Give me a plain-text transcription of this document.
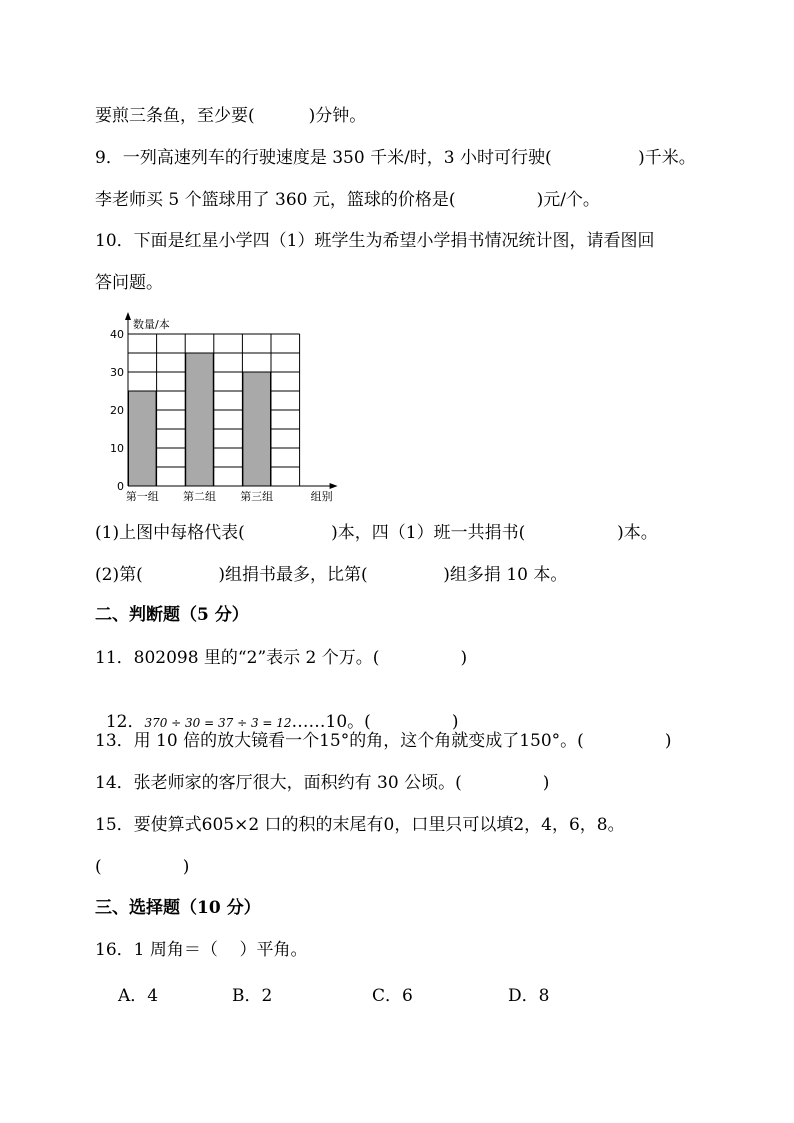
要煎三条鱼，至少要(          )分钟。
9．一列高速列车的行驶速度是 350 千米/时，3 小时可行驶(                )千米。
李老师买 5 个篮球用了 360 元，篮球的价格是(               )元/个。
10．下面是红星小学四（1）班学生为希望小学捐书情况统计图，请看图回
答问题。
第一组 第二组 第三组
0
10
20
30
40
数量/本
组别
(1)上图中每格代表(                )本，四（1）班一共捐书(                 )本。
(2)第(              )组捐书最多，比第(              )组多捐 10 本。
二、判断题（5 分）
11．802098 里的“2”表示 2 个万。(               )

12．370 ÷ 30 = 37 ÷ 3 = 12……10。(               )

13．用 10 倍的放大镜看一个15°的角，这个角就变成了150°。(               )
14．张老师家的客厅很大，面积约有 30 公顷。(               )
15．要使算式605×2 口的积的末尾有0，口里只可以填2，4，6，8。
(               )
三、选择题（10 分）
16．1 周角＝（    ）平角。
A．4	B．2	C．6	D．8
